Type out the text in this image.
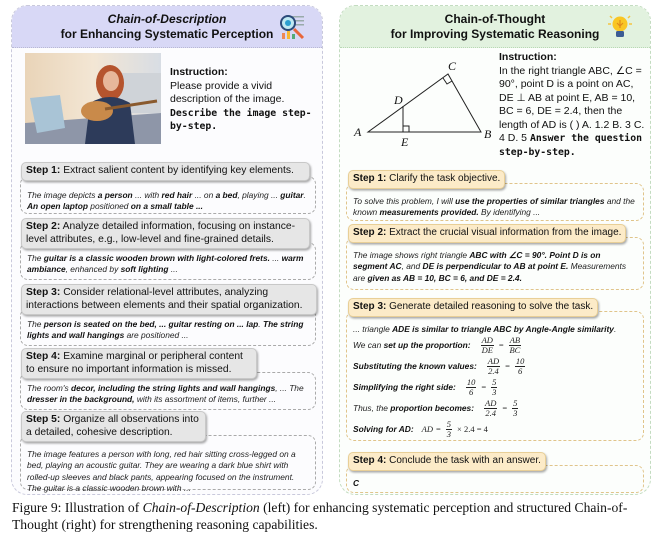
Chain-of-Description
for Enhancing Systematic Perception
Instruction:
Please provide a vivid description of the image.
Describe the image step-by-step.
Step 1: Extract salient content by identifying key elements.
The image depicts a person ... with red hair ... on a bed, playing ... guitar. An open laptop positioned on a small table ...
Step 2: Analyze detailed information, focusing on instance-level attributes, e.g., low-level and fine-grained details.
The guitar is a classic wooden brown with light-colored frets. ... warm ambiance, enhanced by soft lighting ...
Step 3: Consider relational-level attributes, analyzing interactions between elements and their spatial organization.
The person is seated on the bed, ... guitar resting on ... lap. The string lights and wall hangings are positioned ...
Step 4: Examine marginal or peripheral content to ensure no important information is missed.
The room's decor, including the string lights and wall hangings, ... The dresser in the background, with its assortment of items, further ...
Step 5: Organize all observations into a detailed, cohesive description.
The image features a person with long, red hair sitting cross-legged on a bed, playing an acoustic guitar. They are wearing a dark blue shirt with rolled-up sleeves and black pants, appearing focused on the instrument. The guitar is a classic wooden brown with ...
Chain-of-Thought
for Improving Systematic Reasoning
A	B
C
D
E
Instruction:
In the right triangle ABC, ∠C = 90°, point D is a point on AC, DE ⊥ AB at point E, AB = 10, BC = 6, DE = 2.4, then the length of AD is ( ) A. 1.2 B. 3 C. 4 D. 5 Answer the question step-by-step.
Step 1: Clarify the task objective.
To solve this problem, I will use the properties of similar triangles and the known measurements provided. By identifying ...
Step 2: Extract the crucial visual information from the image.
The image shows right triangle ABC with ∠C = 90°. Point D is on segment AC, and DE is perpendicular to AB at point E. Measurements are given as AB = 10, BC = 6, and DE = 2.4.
Step 3: Generate detailed reasoning to solve the task.
... triangle ADE is similar to triangle ABC by Angle-Angle similarity.
We can set up the proportion: $\frac{AD}{DE} = \frac{AB}{BC}$
Substituting the known values: $\frac{AD}{2.4} = \frac{10}{6}$
Simplifying the right side: $\frac{10}{6} = \frac{5}{3}$
Thus, the proportion becomes: $\frac{AD}{2.4} = \frac{5}{3}$
Solving for AD: AD = $\frac{5}{3} \times 2.4 = 4$
Step 4: Conclude the task with an answer.
C
Figure 9: Illustration of Chain-of-Description (left) for enhancing systematic perception and structured Chain-of-Thought (right) for strengthening reasoning capabilities.
